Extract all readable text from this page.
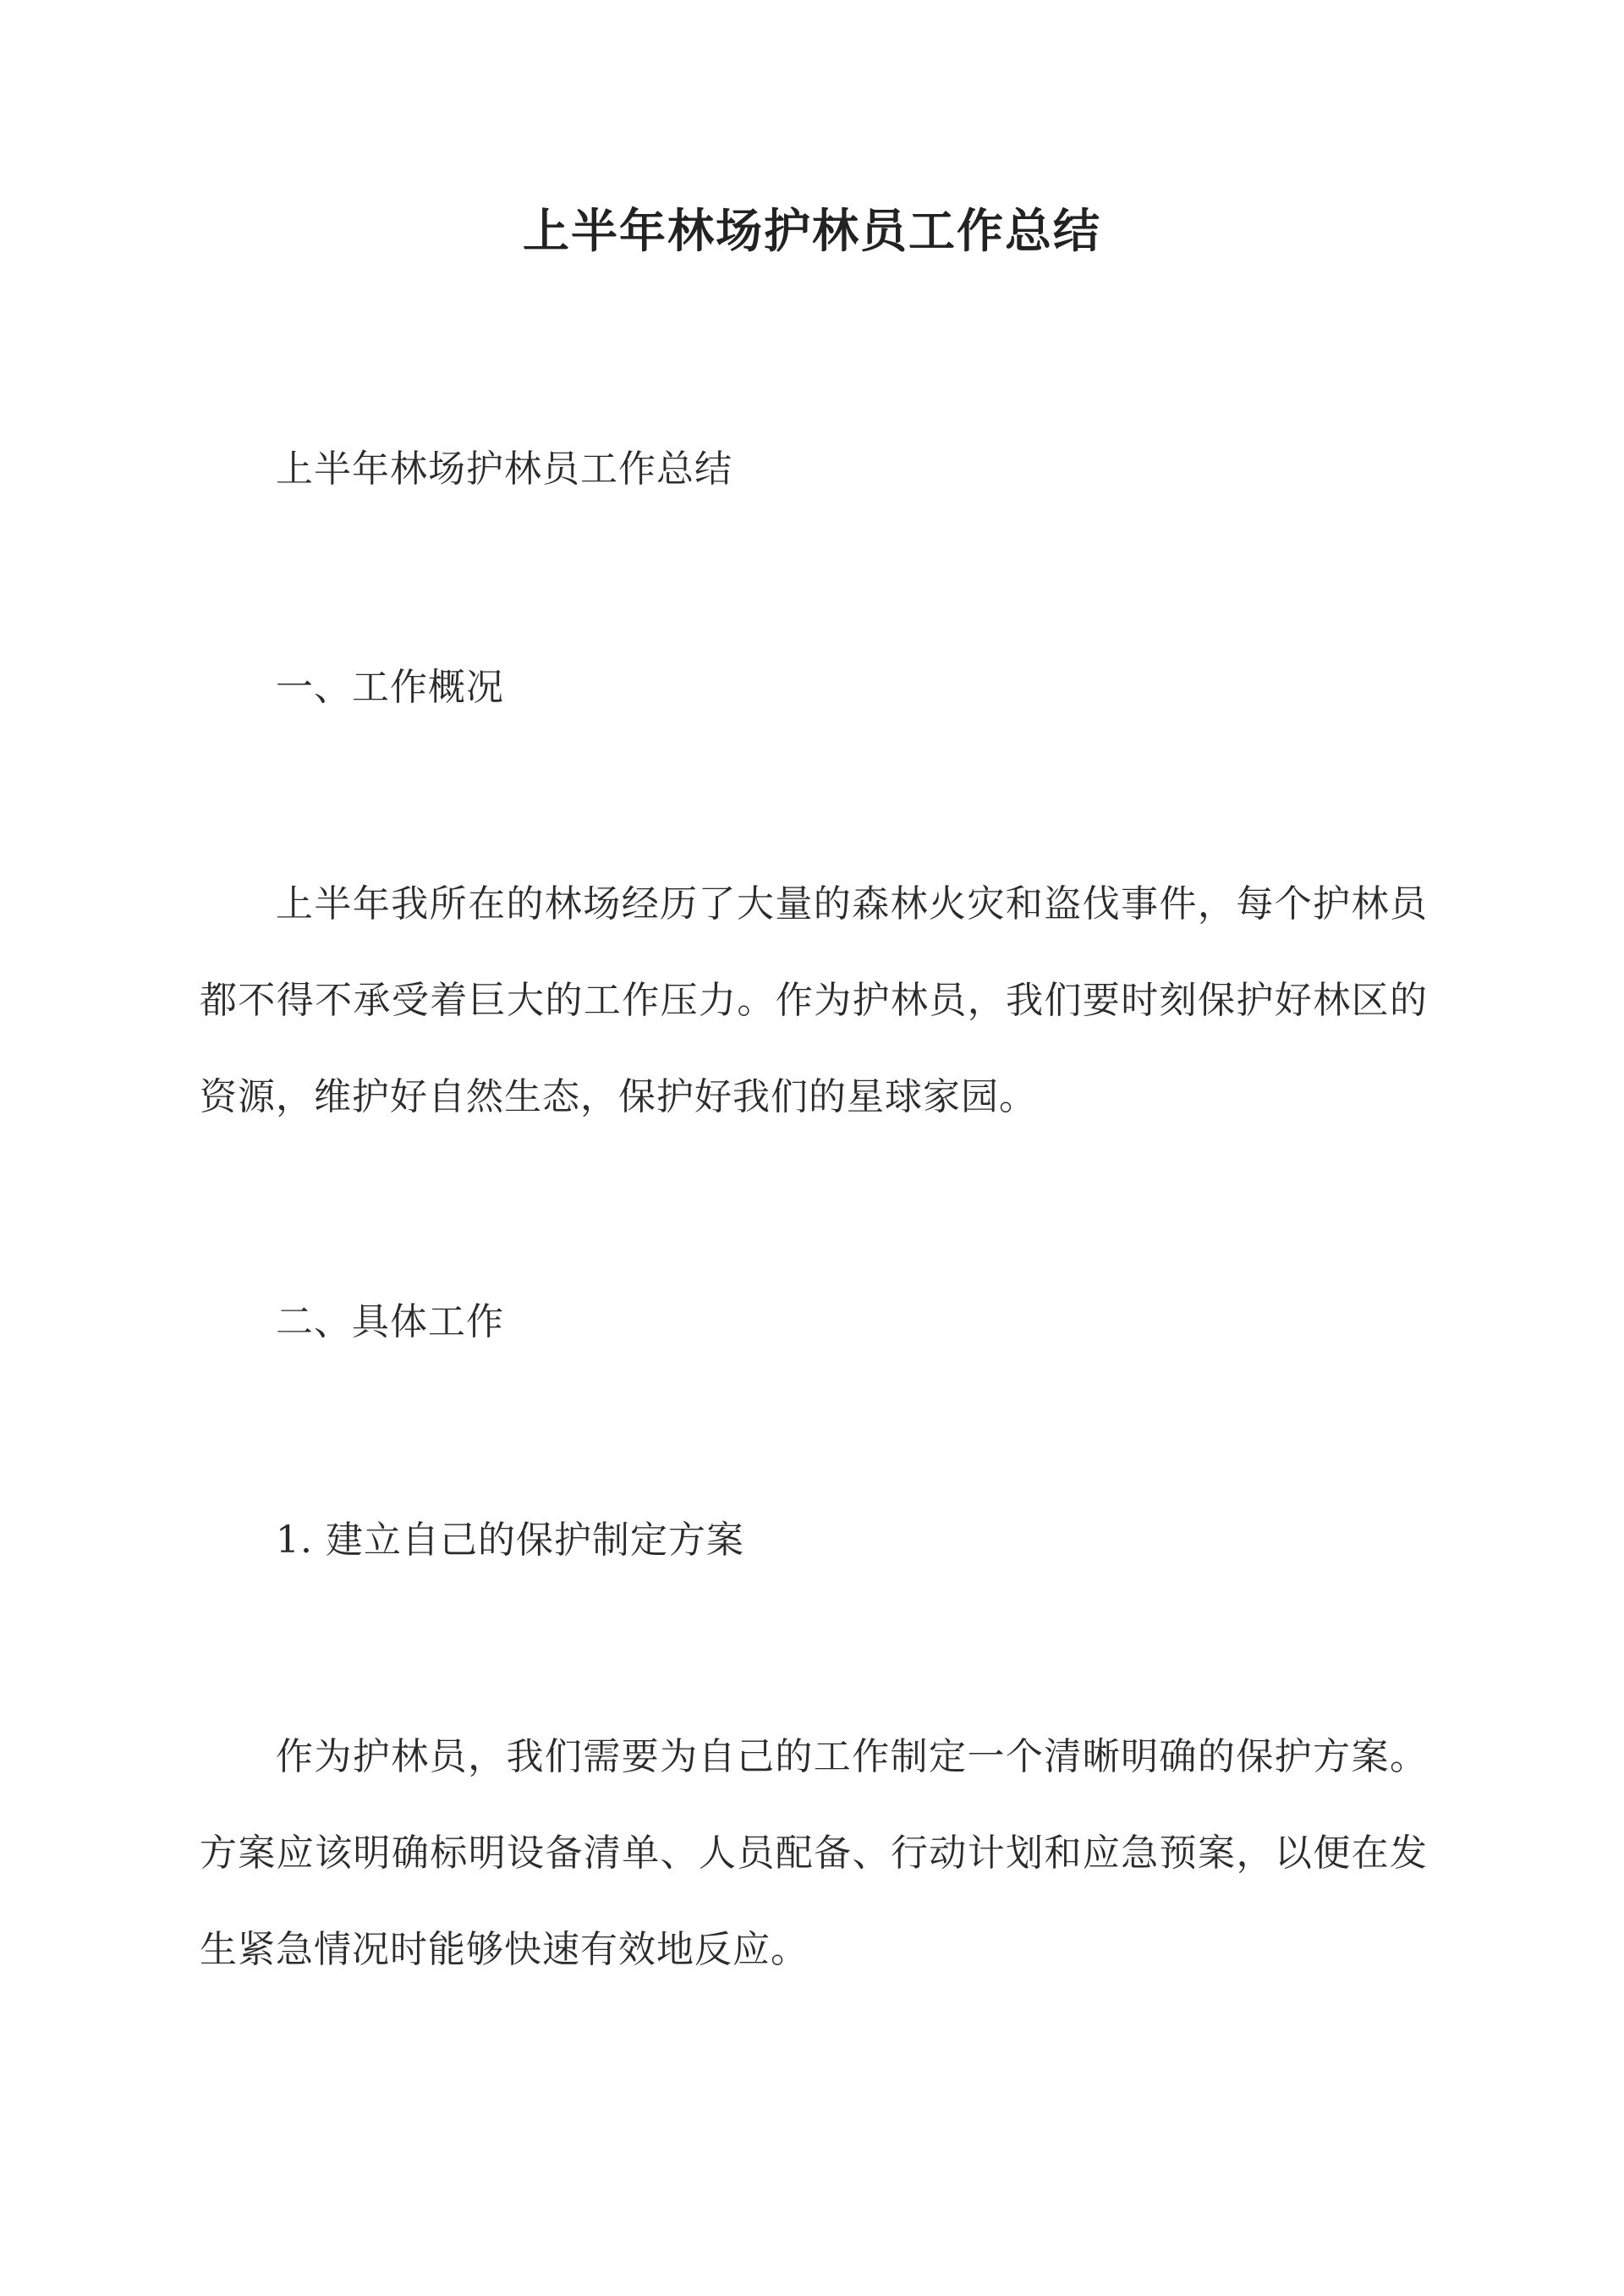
上半年林场护林员工作总结

上半年林场护林员工作总结

一、工作概况

上半年我所在的林场经历了大量的森林火灾和盗伐事件，每个护林员都不得不承受着巨大的工作压力。作为护林员，我们要时刻保护好林区的资源，维护好自然生态，保护好我们的星球家园。

二、具体工作

1. 建立自己的保护制定方案

作为护林员，我们需要为自己的工作制定一个清晰明确的保护方案。方案应该明确标明设备清单、人员配备、行动计划和应急预案，以便在发生紧急情况时能够快速有效地反应。
